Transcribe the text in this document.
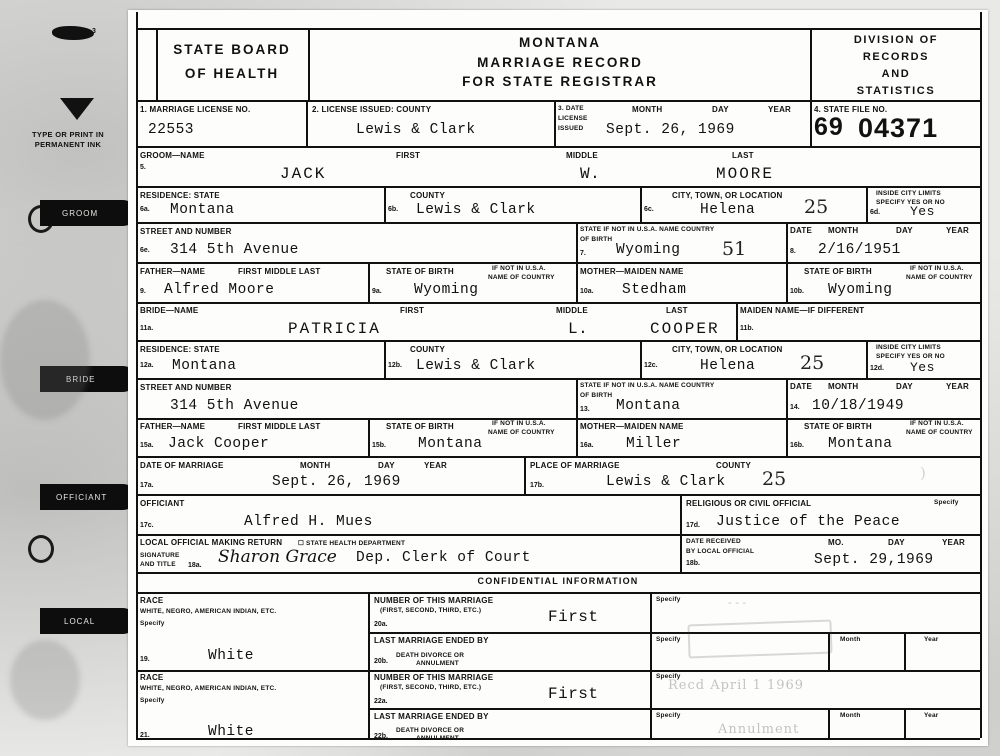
3
TYPE OR PRINT IN PERMANENT INK
GROOM
BRIDE
OFFICIANT
LOCAL
STATE BOARD
OF HEALTH
MONTANA
MARRIAGE RECORD
FOR STATE REGISTRAR
DIVISION OF
RECORDS
AND
STATISTICS
1. MARRIAGE LICENSE NO.
22553
2. LICENSE ISSUED: COUNTY
Lewis & Clark
3. DATE
LICENSE
ISSUED
MONTH	DAY	YEAR
Sept. 26, 1969
4. STATE FILE NO.
69 04371
GROOM—NAME	FIRST	MIDDLE	LAST
5.	JACK	W.	MOORE
RESIDENCE: STATE
6a. Montana
COUNTY
6b. Lewis & Clark
CITY, TOWN, OR LOCATION
6c.	Helena	25
INSIDE CITY LIMITS
SPECIFY YES OR NO
6d. Yes
STREET AND NUMBER
6e. 314 5th Avenue
STATE IF NOT IN U.S.A. NAME COUNTRY
OF BIRTH
7. Wyoming 51
DATE MONTH	DAY	YEAR
8. 2/16/1951
FATHER—NAME	FIRST MIDDLE LAST
9. Alfred Moore
STATE OF BIRTH	IF NOT IN U.S.A.
NAME OF COUNTRY
9a. Wyoming
MOTHER—MAIDEN NAME
10a. Stedham
STATE OF BIRTH	IF NOT IN U.S.A.
NAME OF COUNTRY
10b. Wyoming
BRIDE—NAME	FIRST	MIDDLE	LAST	MAIDEN NAME—IF DIFFERENT
11a.	11b.
PATRICIA	L.	COOPER
RESIDENCE: STATE
12a. Montana
COUNTY
12b. Lewis & Clark
CITY, TOWN, OR LOCATION
12c.	Helena 25
INSIDE CITY LIMITS
SPECIFY YES OR NO
12d. Yes
STREET AND NUMBER
314 5th Avenue
STATE IF NOT IN U.S.A. NAME COUNTRY
OF BIRTH
13. Montana
DATE MONTH	DAY	YEAR
14. 10/18/1949
FATHER—NAME	FIRST MIDDLE LAST
15a. Jack Cooper
STATE OF BIRTH	IF NOT IN U.S.A.
NAME OF COUNTRY
15b. Montana
MOTHER—MAIDEN NAME
16a. Miller
STATE OF BIRTH	IF NOT IN U.S.A.
NAME OF COUNTRY
16b. Montana
DATE OF MARRIAGE	MONTH	DAY	YEAR
17a.	Sept. 26, 1969
PLACE OF MARRIAGE	COUNTY
17b.	Lewis & Clark 25	)
OFFICIANT
17c.	Alfred H. Mues
RELIGIOUS OR CIVIL OFFICIAL	Specify
17d. Justice of the Peace
LOCAL OFFICIAL MAKING RETURN ☐ STATE HEALTH DEPARTMENT
SIGNATURE
AND TITLE 18a. Sharon Grace Dep. Clerk of Court
DATE RECEIVED
BY LOCAL OFFICIAL
MO.	DAY	YEAR
18b.	Sept. 29,1969
CONFIDENTIAL INFORMATION
RACE
WHITE, NEGRO, AMERICAN INDIAN, ETC.
Specify
19.	White
NUMBER OF THIS MARRIAGE
(FIRST, SECOND, THIRD, ETC.)
Specify
20a.	First
LAST MARRIAGE ENDED BY
DEATH DIVORCE OR
ANNULMENT
20b.
Specify	Month	Year
RACE
WHITE, NEGRO, AMERICAN INDIAN, ETC.
Specify
21.	White
NUMBER OF THIS MARRIAGE
(FIRST, SECOND, THIRD, ETC.)
Specify
22a.	First
LAST MARRIAGE ENDED BY
DEATH DIVORCE OR
ANNULMENT
22b.
Specify	Month	Year
Recd April 1 1969
Annulment
- - -
